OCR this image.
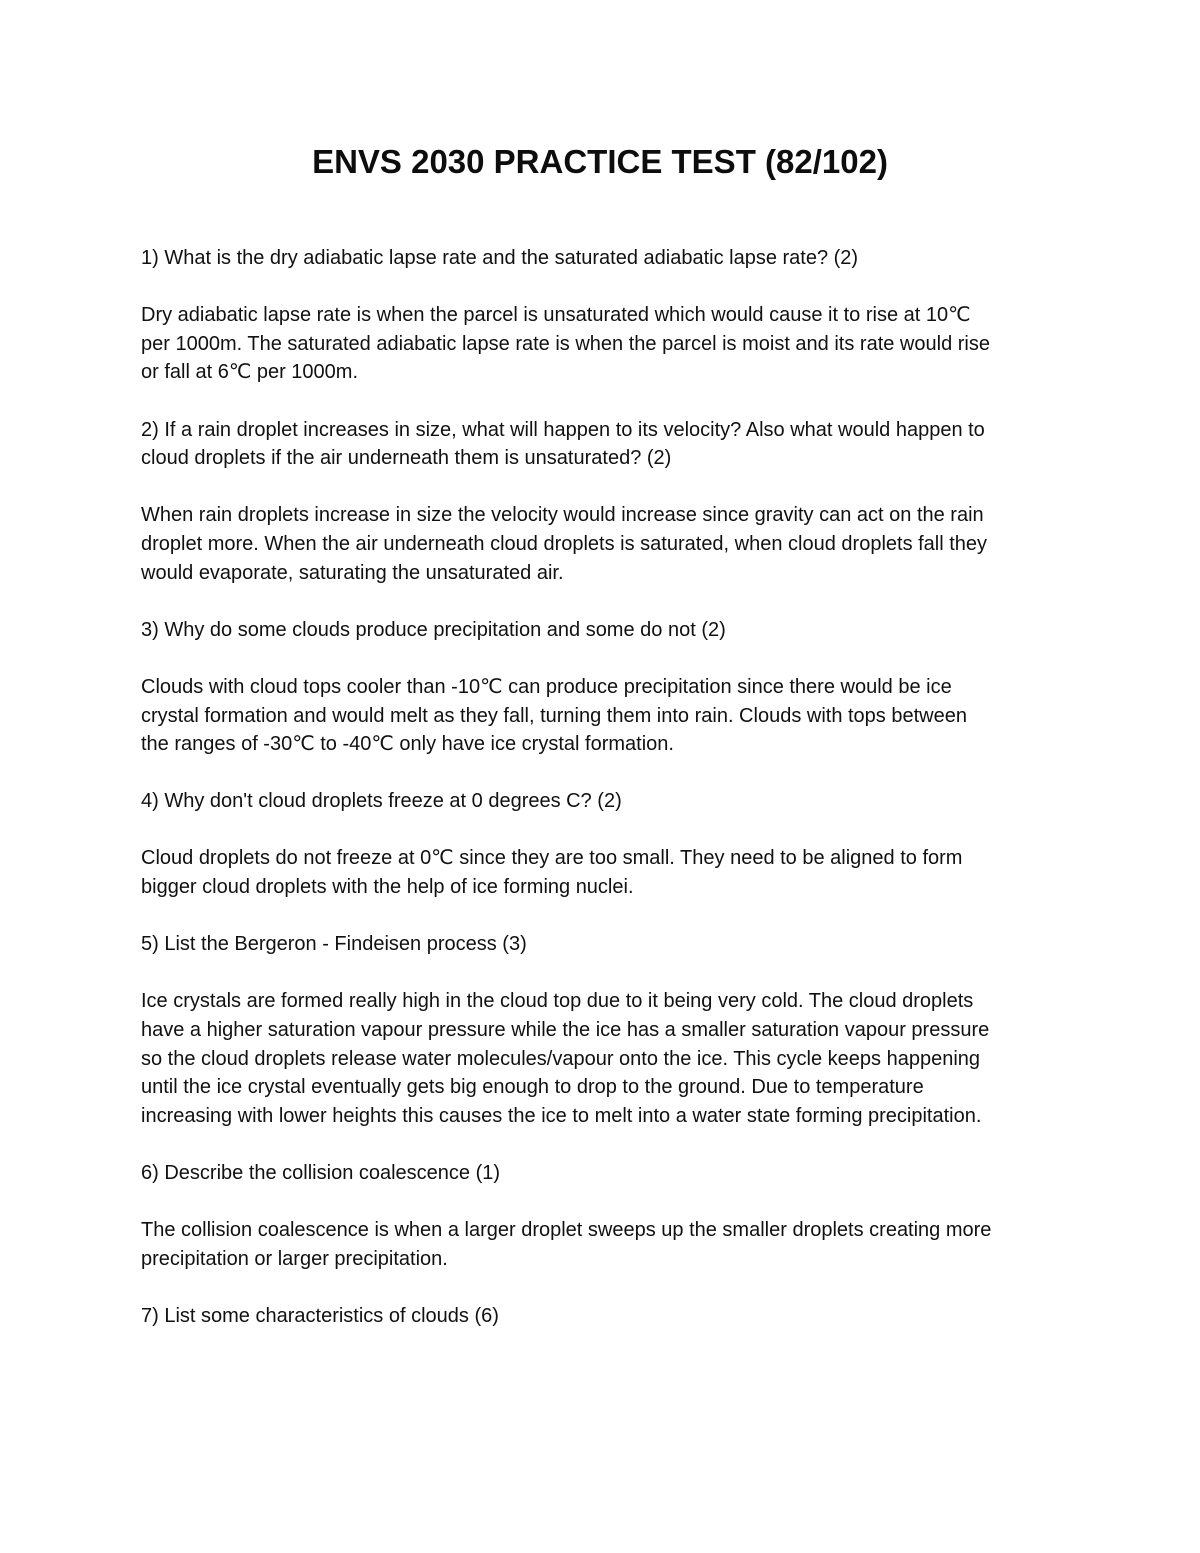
ENVS 2030 PRACTICE TEST (82/102)

1) What is the dry adiabatic lapse rate and the saturated adiabatic lapse rate? (2)

Dry adiabatic lapse rate is when the parcel is unsaturated which would cause it to rise at 10℃
per 1000m. The saturated adiabatic lapse rate is when the parcel is moist and its rate would rise
or fall at 6℃ per 1000m.

2) If a rain droplet increases in size, what will happen to its velocity? Also what would happen to
cloud droplets if the air underneath them is unsaturated? (2)

When rain droplets increase in size the velocity would increase since gravity can act on the rain
droplet more. When the air underneath cloud droplets is saturated, when cloud droplets fall they
would evaporate, saturating the unsaturated air.

3) Why do some clouds produce precipitation and some do not (2)

Clouds with cloud tops cooler than -10℃ can produce precipitation since there would be ice
crystal formation and would melt as they fall, turning them into rain. Clouds with tops between
the ranges of -30℃ to -40℃ only have ice crystal formation.

4) Why don't cloud droplets freeze at 0 degrees C? (2)

Cloud droplets do not freeze at 0℃ since they are too small. They need to be aligned to form
bigger cloud droplets with the help of ice forming nuclei.

5) List the Bergeron - Findeisen process (3)

Ice crystals are formed really high in the cloud top due to it being very cold. The cloud droplets
have a higher saturation vapour pressure while the ice has a smaller saturation vapour pressure
so the cloud droplets release water molecules/vapour onto the ice. This cycle keeps happening
until the ice crystal eventually gets big enough to drop to the ground. Due to temperature
increasing with lower heights this causes the ice to melt into a water state forming precipitation.

6) Describe the collision coalescence (1)

The collision coalescence is when a larger droplet sweeps up the smaller droplets creating more
precipitation or larger precipitation.

7) List some characteristics of clouds (6)
